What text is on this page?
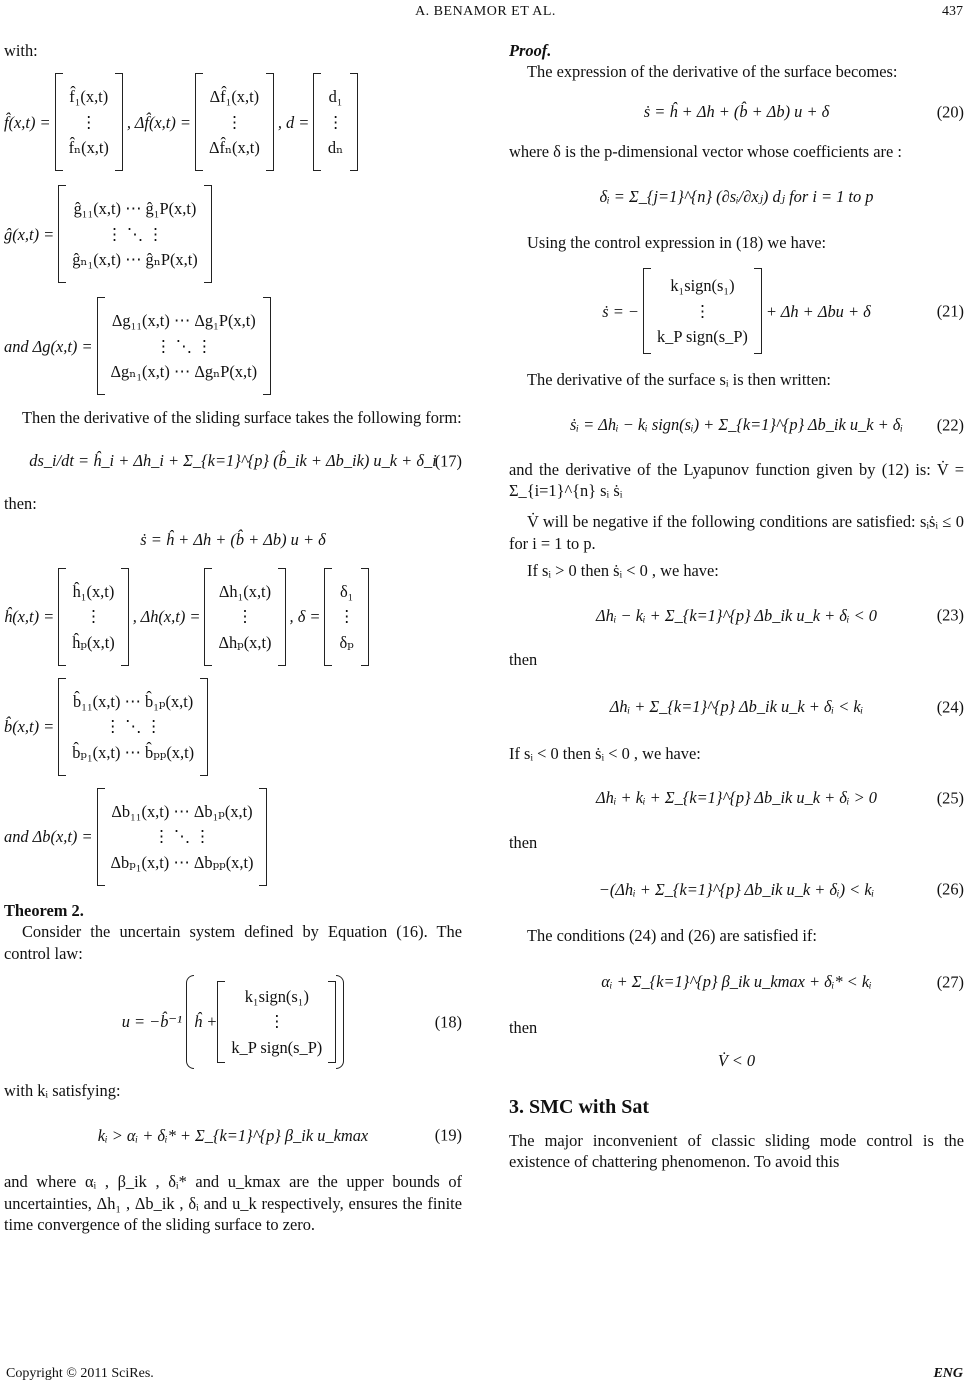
A. BENAMOR ET AL.	437

with:

f̂(x,t) =
f̂₁(x,t)
⋮
f̂ₙ(x,t)
, Δf̂(x,t) =
Δf̂₁(x,t)
⋮
Δf̂ₙ(x,t)
, d =
d₁
⋮
dₙ
ĝ(x,t) =
ĝ₁₁(x,t) ⋯ ĝ₁P(x,t)
⋮ ⋱ ⋮
ĝₙ₁(x,t) ⋯ ĝₙP(x,t)
and Δg(x,t) =
Δg₁₁(x,t) ⋯ Δg₁P(x,t)
⋮ ⋱ ⋮
Δgₙ₁(x,t) ⋯ ΔgₙP(x,t)

Then the derivative of the sliding surface takes the following form:

ds_i/dt = ĥ_i + Δh_i + Σ_{k=1}^{p} (b̂_ik + Δb_ik) u_k + δ_i
(17)

then:

ṡ = ĥ + Δh + (b̂ + Δb) u + δ
ĥ(x,t) =
ĥ₁(x,t)
⋮
ĥₚ(x,t)
, Δh(x,t) =
Δh₁(x,t)
⋮
Δhₚ(x,t)
, δ =
δ₁
⋮
δₚ
b̂(x,t) =
b̂₁₁(x,t) ⋯ b̂₁ₚ(x,t)
⋮ ⋱ ⋮
b̂ₚ₁(x,t) ⋯ b̂ₚₚ(x,t)
and Δb(x,t) =
Δb₁₁(x,t) ⋯ Δb₁ₚ(x,t)
⋮ ⋱ ⋮
Δbₚ₁(x,t) ⋯ Δbₚₚ(x,t)

Theorem 2.

Consider the uncertain system defined by Equation (16). The control law:

u = −b̂⁻¹ ĥ +
k₁sign(s₁)
⋮
k_P sign(s_P)
(18)

with kᵢ satisfying:

kᵢ > αᵢ + δᵢ* + Σ_{k=1}^{p} β_ik u_kmax	(19)

and where αᵢ , β_ik , δᵢ* and u_kmax are the upper bounds of uncertainties, Δh₁ , Δb_ik , δᵢ and u_k respectively, ensures the finite time convergence of the sliding surface to zero.

Proof.

The expression of the derivative of the surface becomes:

ṡ = ĥ + Δh + (b̂ + Δb) u + δ	(20)

where δ is the p-dimensional vector whose coefficients are :

δᵢ = Σ_{j=1}^{n} (∂sᵢ/∂xⱼ) dⱼ for i = 1 to p

Using the control expression in (18) we have:

ṡ = −
k₁sign(s₁)
⋮
k_P sign(s_P)
+ Δh + Δbu + δ	(21)

The derivative of the surface sᵢ is then written:

ṡᵢ = Δhᵢ − kᵢ sign(sᵢ) + Σ_{k=1}^{p} Δb_ik u_k + δᵢ (22)

and the derivative of the Lyapunov function given by (12) is: V̇ = Σ_{i=1}^{n} sᵢ ṡᵢ

V̇ will be negative if the following conditions are satisfied: sᵢṡᵢ ≤ 0 for i = 1 to p.

If sᵢ > 0 then ṡᵢ < 0 , we have:

Δhᵢ − kᵢ + Σ_{k=1}^{p} Δb_ik u_k + δᵢ < 0	(23)

then

Δhᵢ + Σ_{k=1}^{p} Δb_ik u_k + δᵢ < kᵢ	(24)

If sᵢ < 0 then ṡᵢ < 0 , we have:

Δhᵢ + kᵢ + Σ_{k=1}^{p} Δb_ik u_k + δᵢ > 0	(25)

then

−(Δhᵢ + Σ_{k=1}^{p} Δb_ik u_k + δᵢ) < kᵢ	(26)

The conditions (24) and (26) are satisfied if:

αᵢ + Σ_{k=1}^{p} β_ik u_kmax + δᵢ* < kᵢ	(27)

then

V̇ < 0
3. SMC with Sat

The major inconvenient of classic sliding mode control is the existence of chattering phenomenon. To avoid this

Copyright © 2011 SciRes.	ENG
